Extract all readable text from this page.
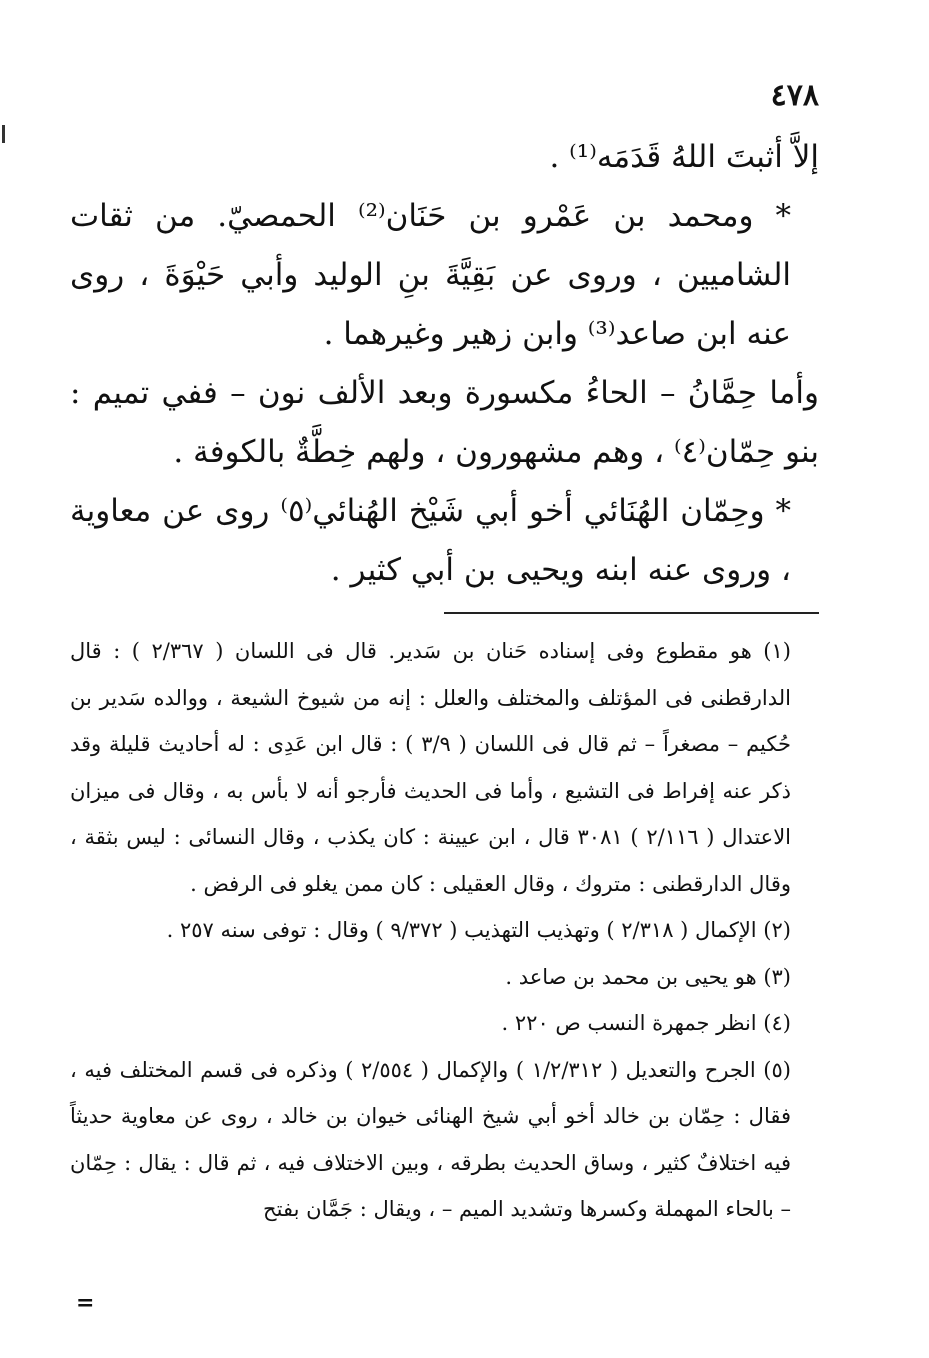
٤٧٨

إلاَّ أثبتَ اللهُ قَدَمَه⁽¹⁾ .

* ومحمد بن عَمْرو بن حَنَان⁽²⁾ الحمصيّ. من ثقات الشاميين ، وروى عن بَقِيَّةَ بنِ الوليد وأبي حَيْوَةَ ، روى عنه ابن صاعد⁽³⁾ وابن زهير وغيرهما .

وأما حِمَّانُ – الحاءُ مكسورة وبعد الألف نون – ففي تميم : بنو حِمّان⁽٤⁾ ، وهم مشهورون ، ولهم خِطَّةٌ بالكوفة .

* وحِمّان الهُنَائي أخو أبي شَيْخ الهُنائي⁽٥⁾ روى عن معاوية ، وروى عنه ابنه ويحيى بن أبي كثير .

(١) هو مقطوع وفى إسناده حَنان بن سَدير. قال فى اللسان ( ٢/٣٦٧ ) : قال الدارقطنى فى المؤتلف والمختلف والعلل : إنه من شيوخ الشيعة ، ووالده سَدير بن حُكيم – مصغراً – ثم قال فى اللسان ( ٣/٩ ) : قال ابن عَدِى : له أحاديث قليلة وقد ذكر عنه إفراط فى التشيع ، وأما فى الحديث فأرجو أنه لا بأس به ، وقال فى ميزان الاعتدال ( ٢/١١٦ ) ٣٠٨١ قال ، ابن عيينة : كان يكذب ، وقال النسائى : ليس بثقة ، وقال الدارقطنى : متروك ، وقال العقيلى : كان ممن يغلو فى الرفض .

(٢) الإكمال ( ٢/٣١٨ ) وتهذيب التهذيب ( ٩/٣٧٢ ) وقال : توفى سنه ٢٥٧ .

(٣) هو يحيى بن محمد بن صاعد .

(٤) انظر جمهرة النسب ص ٢٢٠ .

(٥) الجرح والتعديل ( ١/٢/٣١٢ ) والإكمال ( ٢/٥٥٤ ) وذكره فى قسم المختلف فيه ، فقال : حِمّان بن خالد أخو أبي شيخ الهنائى خيوان بن خالد ، روى عن معاوية حديثاً فيه اختلافٌ كثير ، وساق الحديث بطرقه ، وبين الاختلاف فيه ، ثم قال : يقال : حِمّان – بالحاء المهملة وكسرها وتشديد الميم – ، ويقال : جَمَّان بفتح

=
